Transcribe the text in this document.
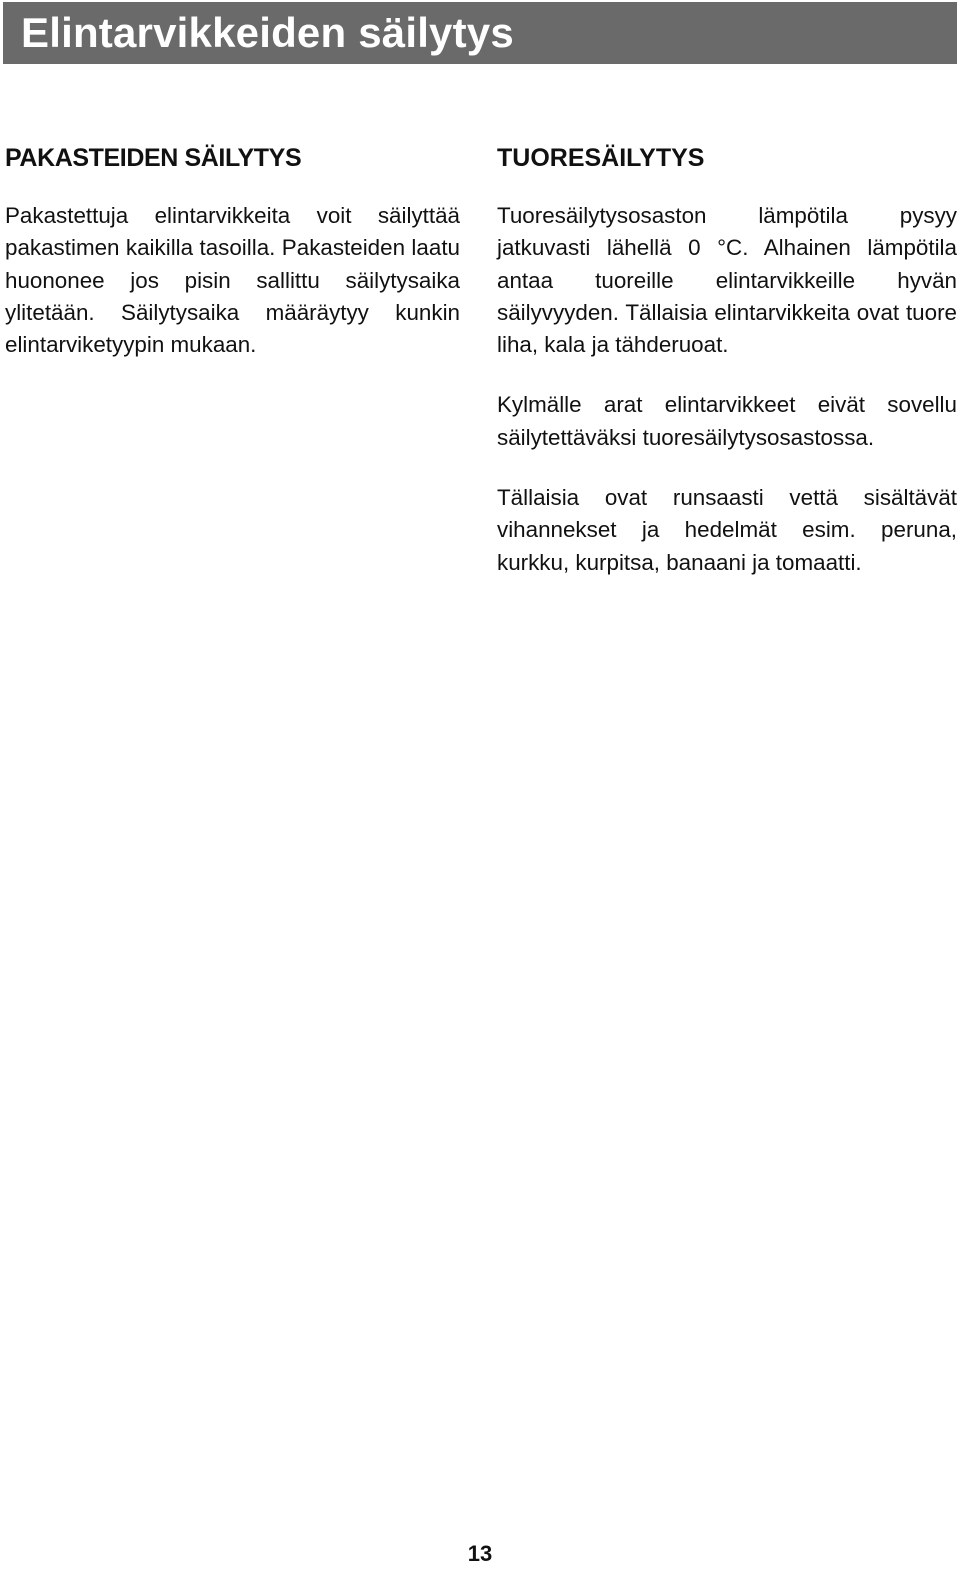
Elintarvikkeiden säilytys
PAKASTEIDEN SÄILYTYS

Pakastettuja elintarvikkeita voit säilyttää pakastimen kaikilla tasoilla. Pakasteiden laatu huononee jos pisin sallittu säilytysaika ylitetään. Säilytysaika määräytyy kunkin elintarviketyypin mukaan.

TUORESÄILYTYS

Tuoresäilytysosaston lämpötila pysyy jatkuvasti lähellä 0 °C. Alhainen lämpötila antaa tuoreille elintarvikkeille hyvän säilyvyyden. Tällaisia elintarvikkeita ovat tuore liha, kala ja tähderuoat.

Kylmälle arat elintarvikkeet eivät sovellu säilytettäväksi tuoresäilytysosastossa.

Tällaisia ovat runsaasti vettä sisältävät vihannekset ja hedelmät esim. peruna, kurkku, kurpitsa, banaani ja tomaatti.

13
